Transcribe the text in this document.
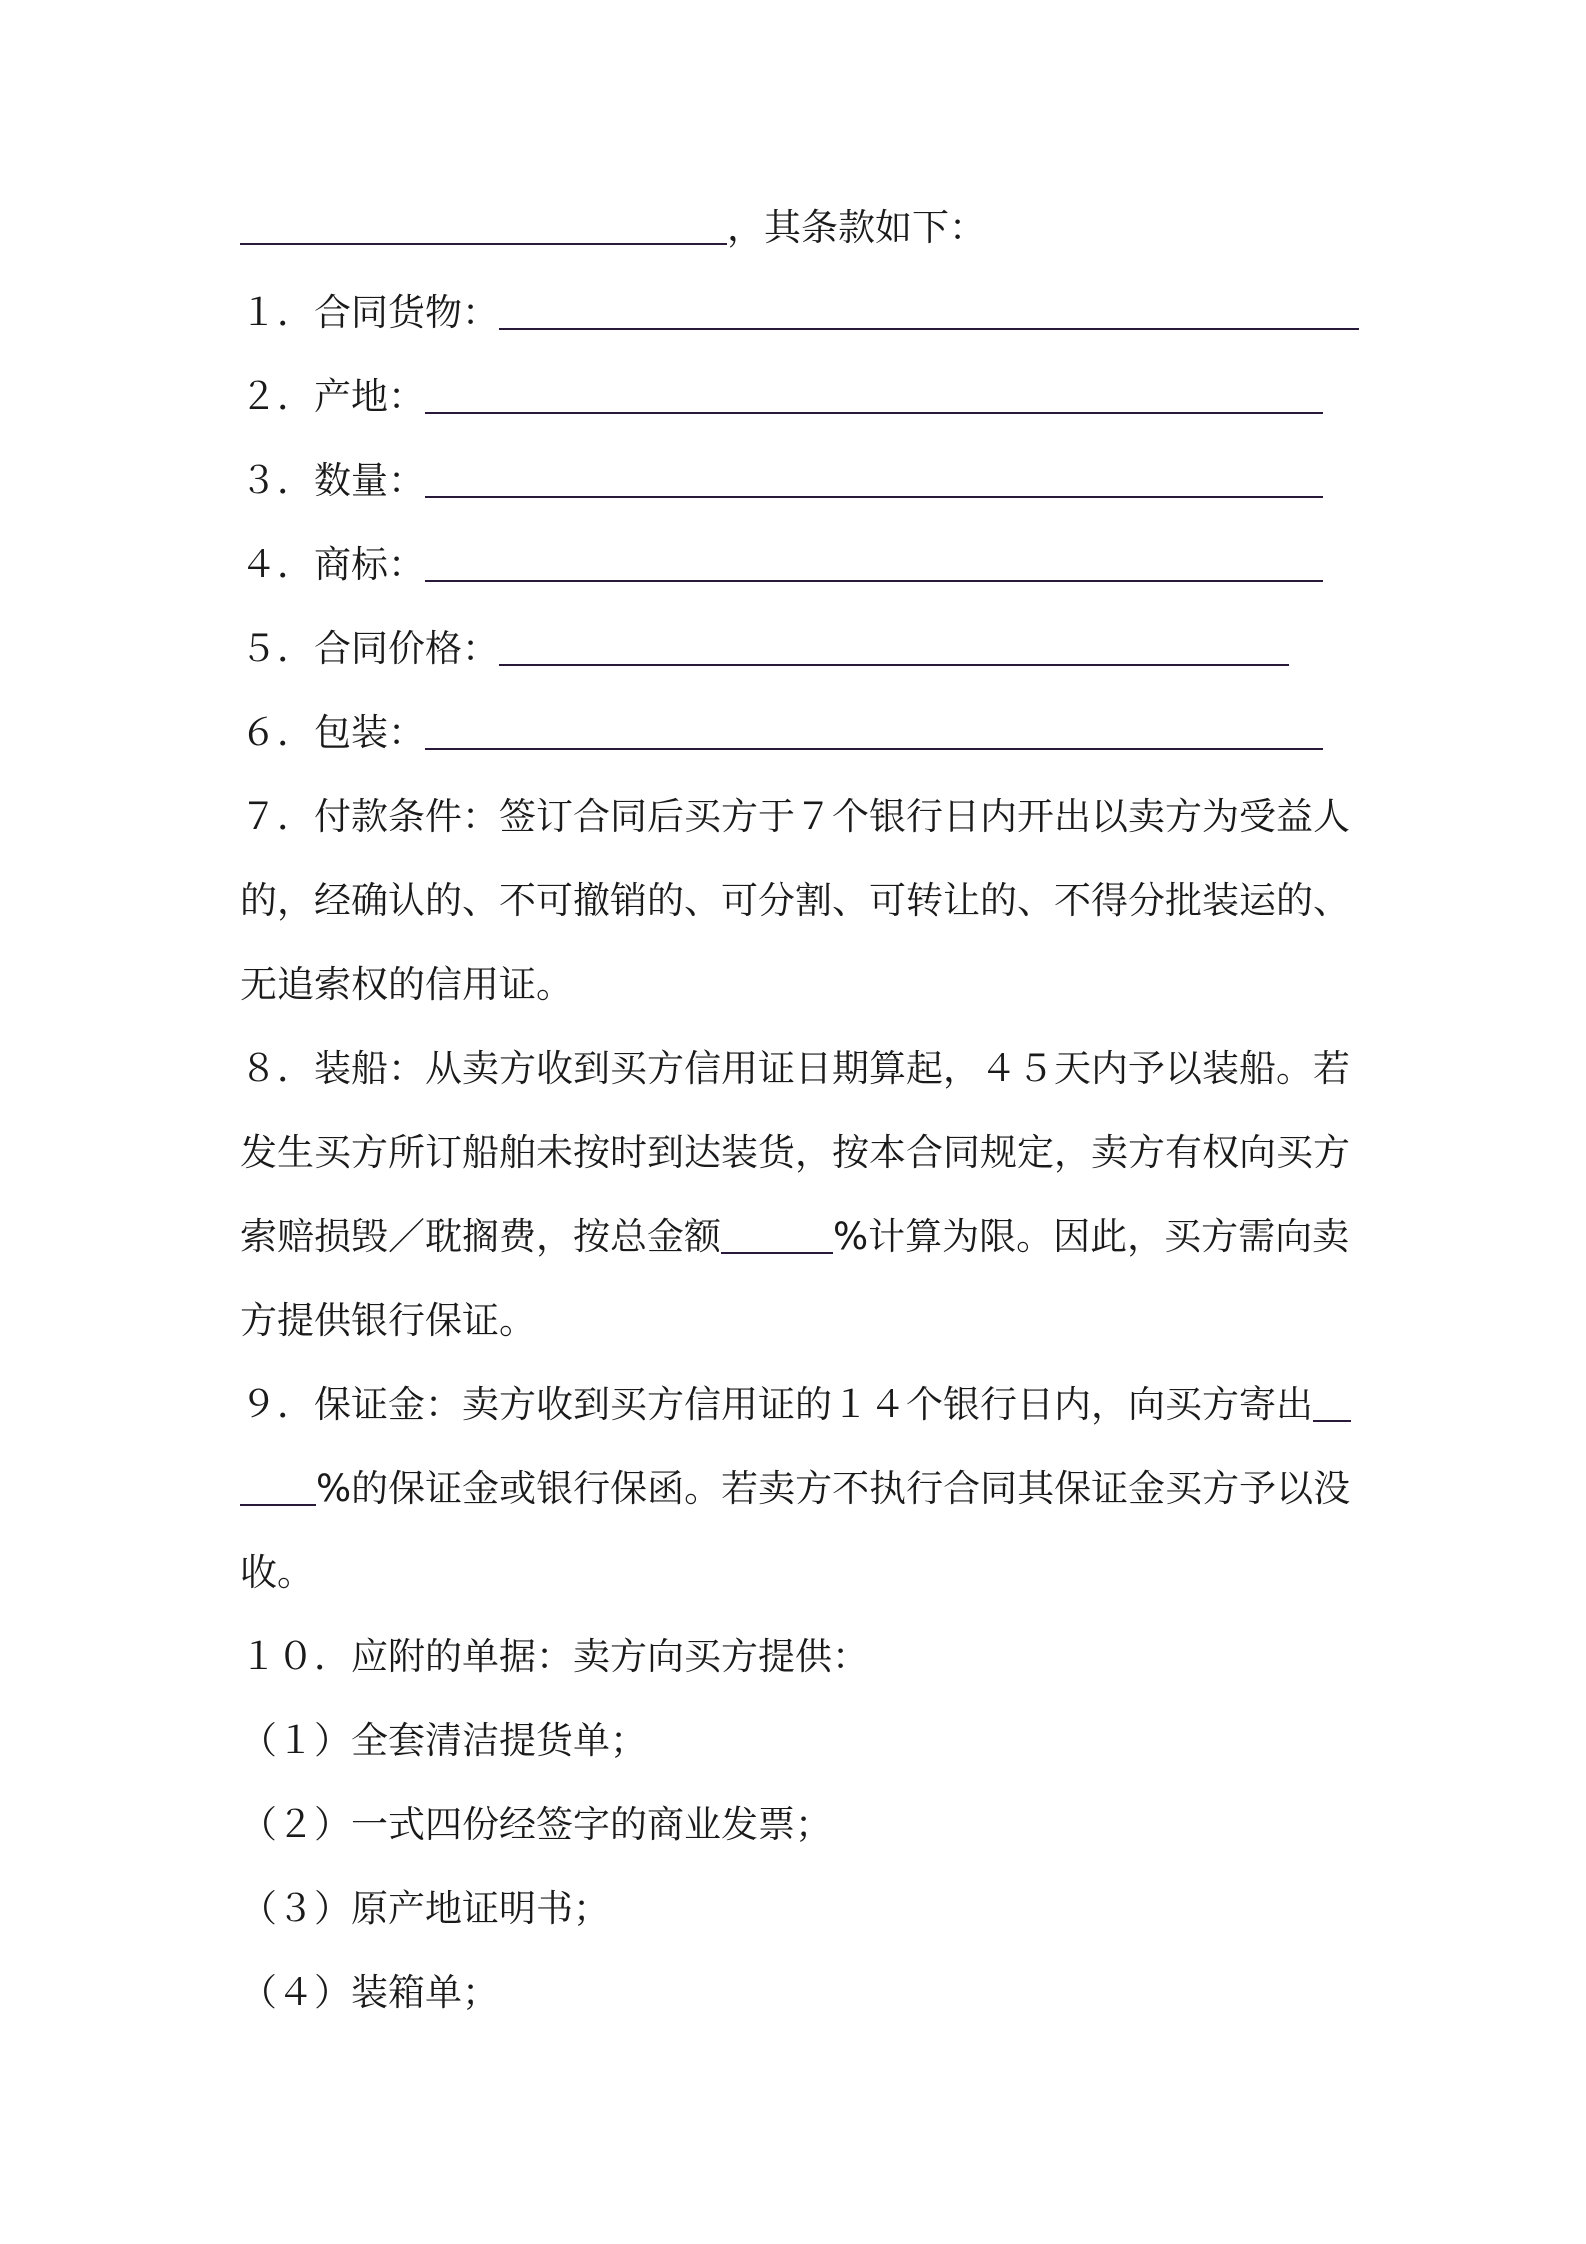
，其条款如下：
１．合同货物：
２．产地：
３．数量：
４．商标：
５．合同价格：
６．包装：
７．付款条件：签订合同后买方于７个银行日内开出以卖方为受益人
的，经确认的、不可撤销的、可分割、可转让的、不得分批装运的、
无追索权的信用证。
８．装船：从卖方收到买方信用证日期算起，４５天内予以装船。若
发生买方所订船舶未按时到达装货，按本合同规定，卖方有权向买方
索赔损毁／耽搁费，按总金额	%计算为限。因此，买方需向卖
方提供银行保证。
９．保证金：卖方收到买方信用证的１４个银行日内，向买方寄出
%的保证金或银行保函。若卖方不执行合同其保证金买方予以没
收。
１０．应附的单据：卖方向买方提供：
（１）全套清洁提货单；
（２）一式四份经签字的商业发票；
（３）原产地证明书；
（４）装箱单；
